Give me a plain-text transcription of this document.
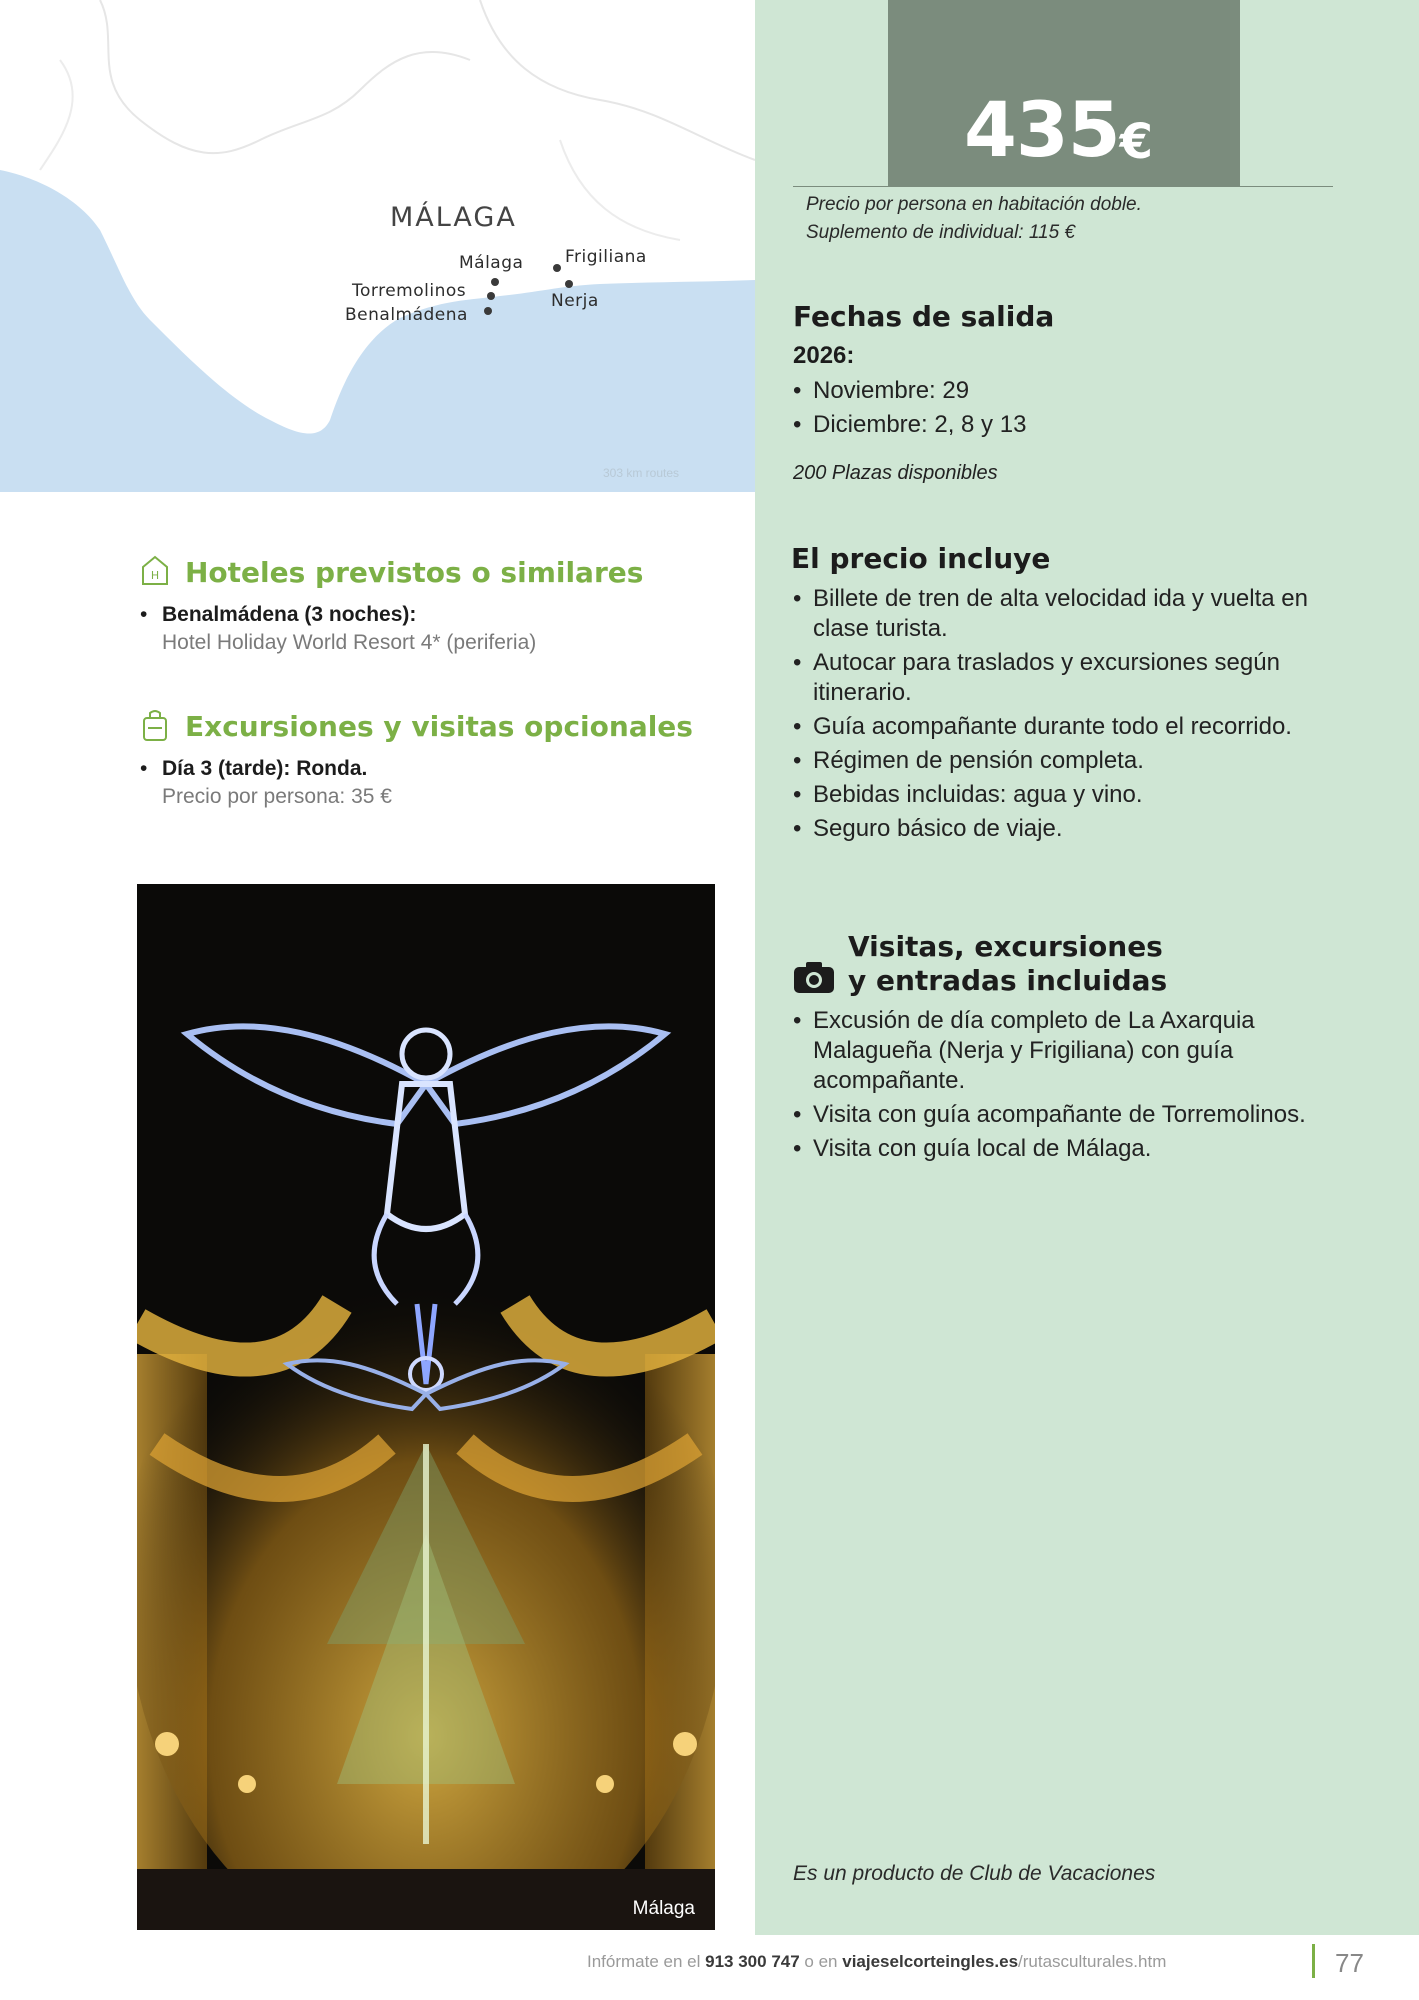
MÁLAGA
Málaga Frigiliana
Torremolinos	Nerja
Benalmádena
303 km routes
435€
Precio por persona en habitación doble.
Suplemento de individual: 115 €
Fechas de salida
2026:
• Noviembre: 29
• Diciembre: 2, 8 y 13
200 Plazas disponibles
El precio incluye
• Billete de tren de alta velocidad ida y vuelta en clase turista.
• Autocar para traslados y excursiones según itinerario.
• Guía acompañante durante todo el recorrido.
• Régimen de pensión completa.
• Bebidas incluidas: agua y vino.
• Seguro básico de viaje.
Visitas, excursiones
y entradas incluidas
• Excusión de día completo de La Axarquia Malagueña (Nerja y Frigiliana) con guía acompañante.
• Visita con guía acompañante de Torremolinos.
• Visita con guía local de Málaga.
Es un producto de Club de Vacaciones
H Hoteles previstos o similares
• Benalmádena (3 noches):
Hotel Holiday World Resort 4* (periferia)
Excursiones y visitas opcionales
• Día 3 (tarde): Ronda.
Precio por persona: 35 €
Málaga
Infórmate en el 913 300 747 o en viajeselcorteingles.es/rutasculturales.htm	77
